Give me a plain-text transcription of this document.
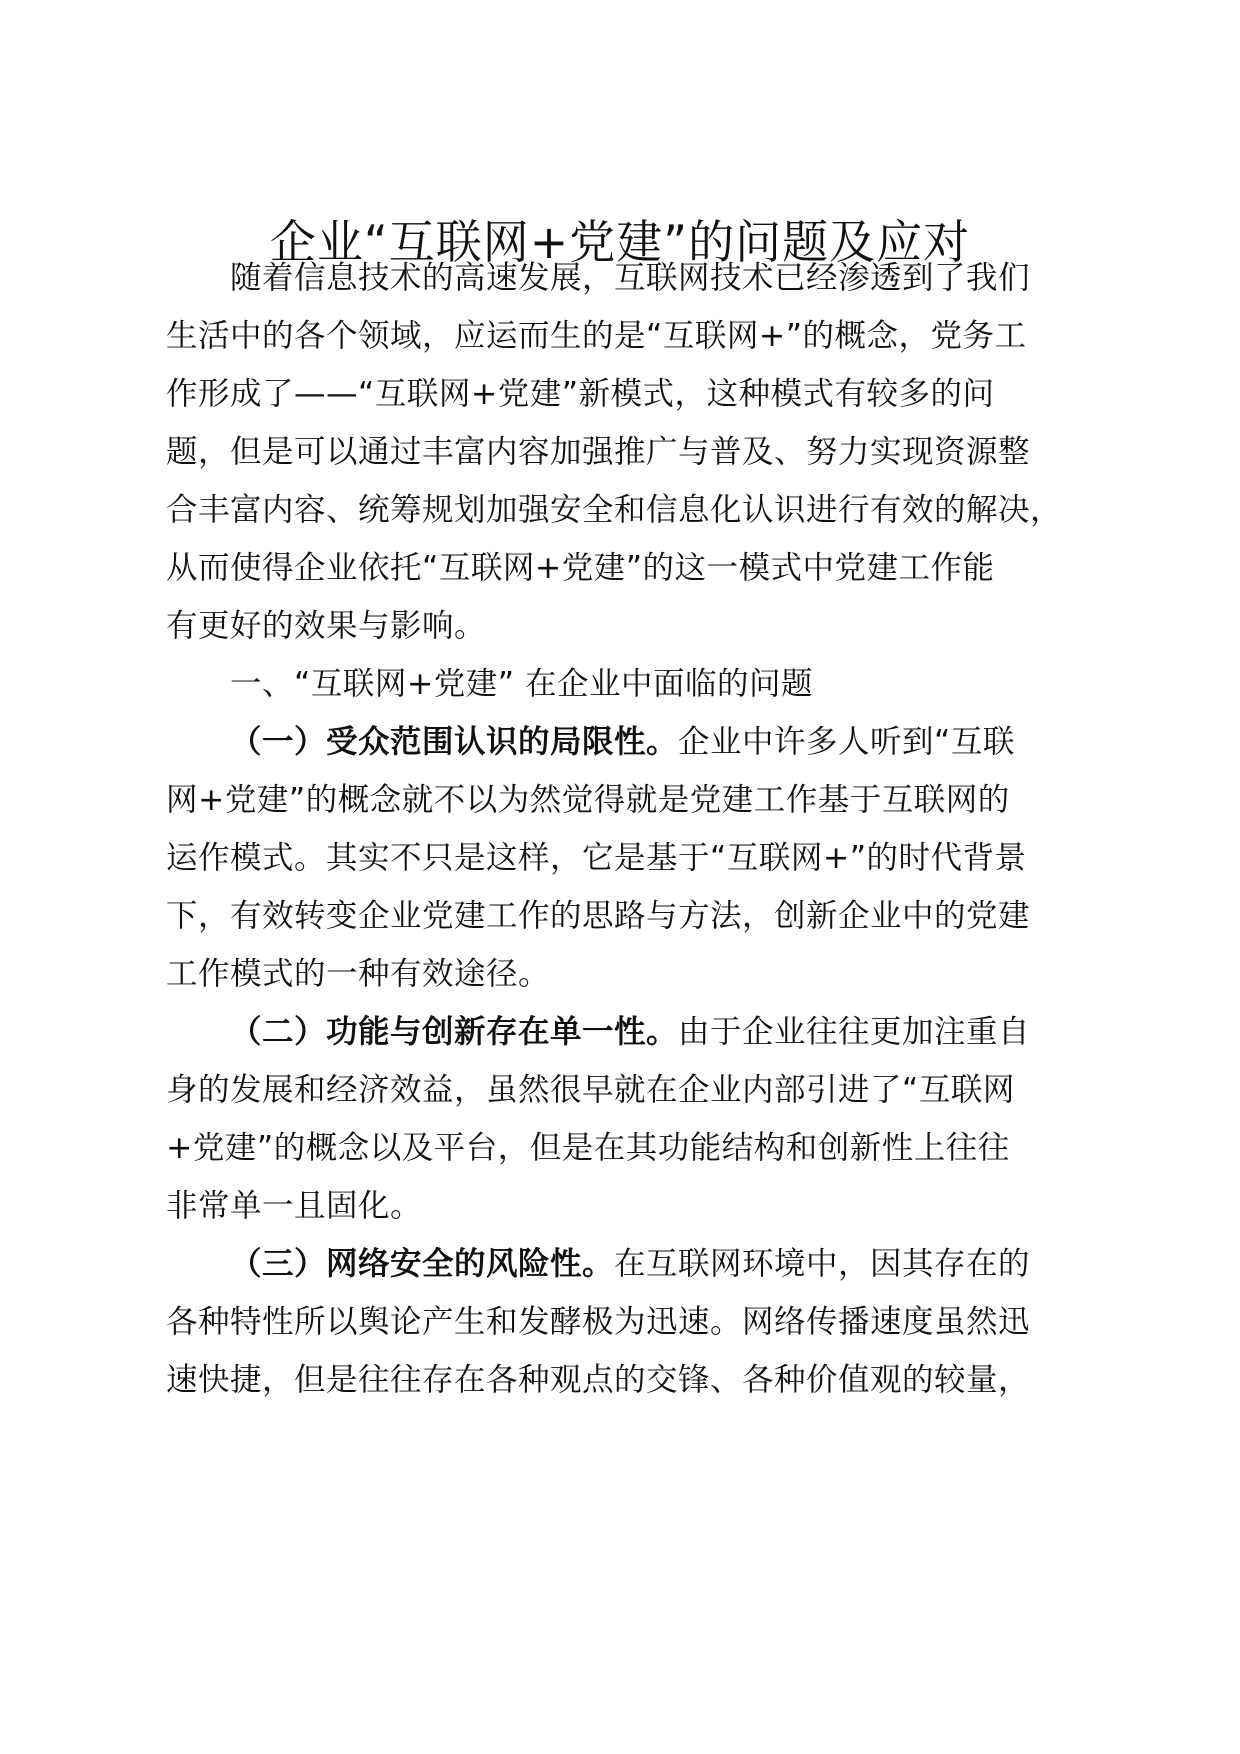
企业“互联网+党建”的问题及应对
随着信息技术的高速发展，互联网技术已经渗透到了我们
生活中的各个领域，应运而生的是“互联网+”的概念，党务工
作形成了——“互联网+党建”新模式，这种模式有较多的问
题，但是可以通过丰富内容加强推广与普及、努力实现资源整
合丰富内容、统筹规划加强安全和信息化认识进行有效的解决，
从而使得企业依托“互联网+党建”的这一模式中党建工作能
有更好的效果与影响。
一、“互联网+党建” 在企业中面临的问题
（一）受众范围认识的局限性。企业中许多人听到“互联
网+党建”的概念就不以为然觉得就是党建工作基于互联网的
运作模式。其实不只是这样，它是基于“互联网+”的时代背景
下，有效转变企业党建工作的思路与方法，创新企业中的党建
工作模式的一种有效途径。
（二）功能与创新存在单一性。由于企业往往更加注重自
身的发展和经济效益，虽然很早就在企业内部引进了“互联网
+党建”的概念以及平台，但是在其功能结构和创新性上往往
非常单一且固化。
（三）网络安全的风险性。在互联网环境中，因其存在的
各种特性所以舆论产生和发酵极为迅速。网络传播速度虽然迅
速快捷，但是往往存在各种观点的交锋、各种价值观的较量，
